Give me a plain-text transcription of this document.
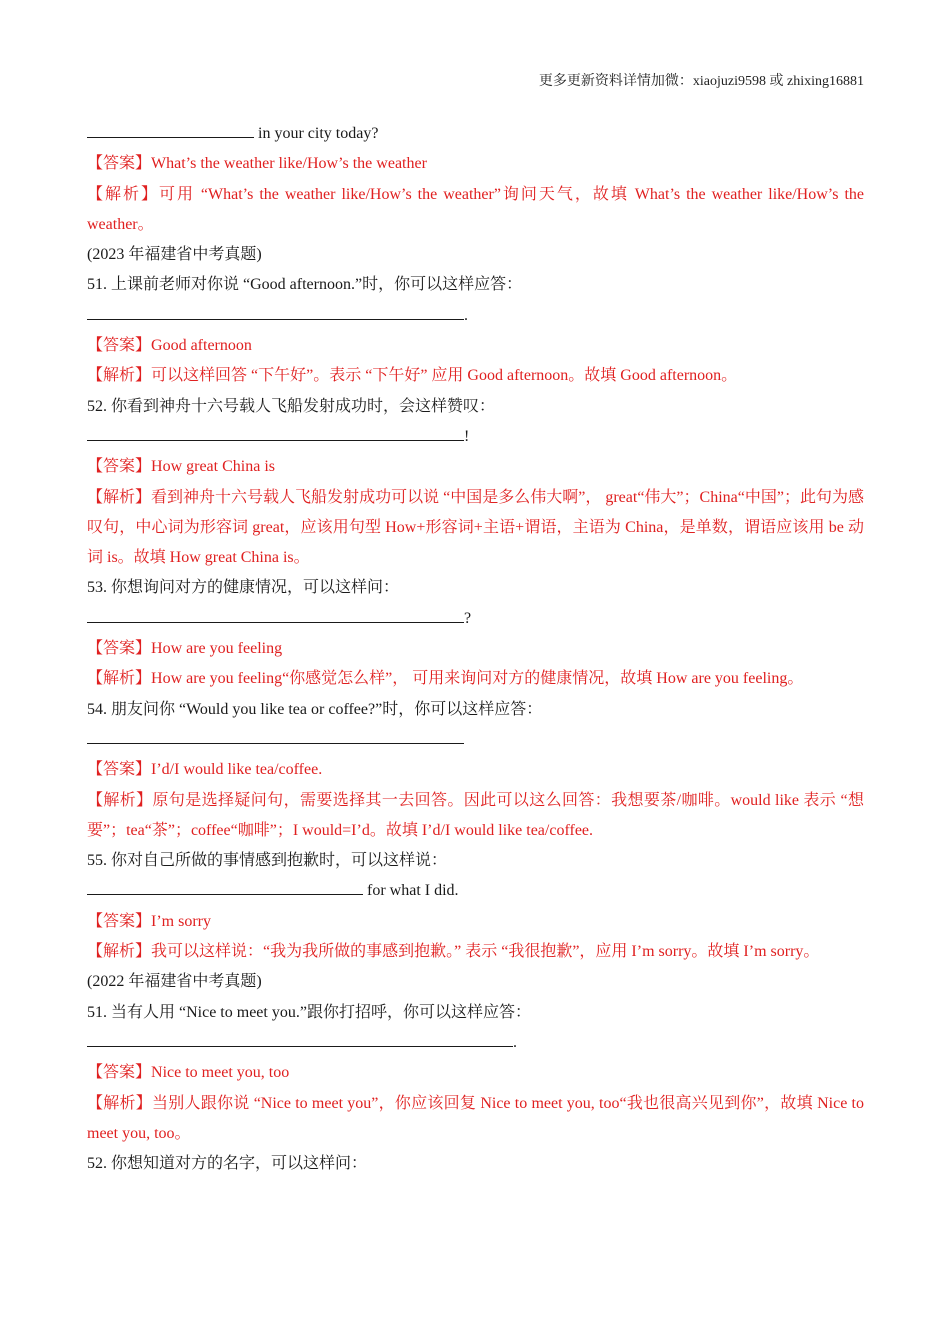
更多更新资料详情加微：xiaojuzi9598 或 zhixing16881
in your city today?
【答案】What’s the weather like/How’s the weather
【解析】可用 “What’s the weather like/How’s the weather”询问天气，故填 What’s the weather like/How’s the weather。
(2023 年福建省中考真题)
51. 上课前老师对你说 “Good afternoon.”时，你可以这样应答：
.
【答案】Good afternoon
【解析】可以这样回答 “下午好”。表示 “下午好” 应用 Good afternoon。故填 Good afternoon。
52. 你看到神舟十六号载人飞船发射成功时，会这样赞叹：
!
【答案】How great China is
【解析】看到神舟十六号载人飞船发射成功可以说 “中国是多么伟大啊”， great“伟大”；China“中国”；此句为感叹句，中心词为形容词 great，应该用句型 How+形容词+主语+谓语，主语为 China，是单数，谓语应该用 be 动词 is。故填 How great China is。
53. 你想询问对方的健康情况，可以这样问：
?
【答案】How are you feeling
【解析】How are you feeling“你感觉怎么样”， 可用来询问对方的健康情况，故填 How are you feeling。
54. 朋友问你 “Would you like tea or coffee?”时，你可以这样应答：
【答案】I’d/I would like tea/coffee.
【解析】原句是选择疑问句，需要选择其一去回答。因此可以这么回答：我想要茶/咖啡。would like 表示 “想要”；tea“茶”；coffee“咖啡”；I would=I’d。故填 I’d/I would like tea/coffee.
55. 你对自己所做的事情感到抱歉时，可以这样说：
for what I did.
【答案】I’m sorry
【解析】我可以这样说：“我为我所做的事感到抱歉。” 表示 “我很抱歉”，应用 I’m sorry。故填 I’m sorry。
(2022 年福建省中考真题)
51. 当有人用 “Nice to meet you.”跟你打招呼，你可以这样应答：
.
【答案】Nice to meet you, too
【解析】当别人跟你说 “Nice to meet you”，你应该回复 Nice to meet you, too“我也很高兴见到你”，故填 Nice to meet you, too。
52. 你想知道对方的名字，可以这样问：
